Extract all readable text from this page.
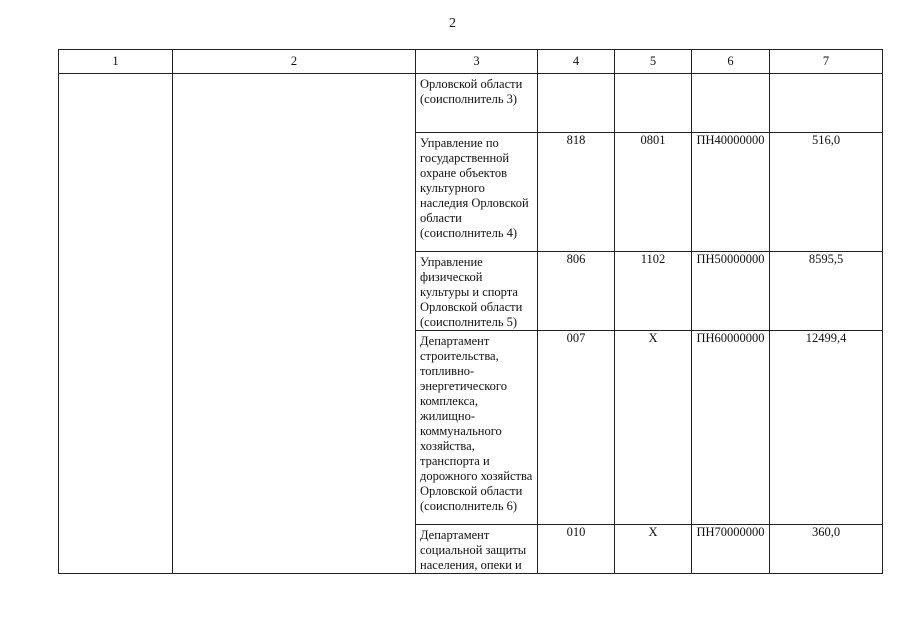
2
1	2	3	4	5	6	7

		Орловской области (соисполнитель 3)				

		Управление по государственной охране объектов культурного наследия Орловской области (соисполнитель 4)	818	0801	ПН40000000	516,0

		Управление физической культуры и спорта Орловской области (соисполнитель 5)	806	1102	ПН50000000	8595,5

		Департамент строительства, топливно-энергетического комплекса, жилищно-коммунального хозяйства, транспорта и дорожного хозяйства Орловской области (соисполнитель 6)	007	Х	ПН60000000	12499,4

		Департамент социальной защиты населения, опеки и	010	Х	ПН70000000	360,0
